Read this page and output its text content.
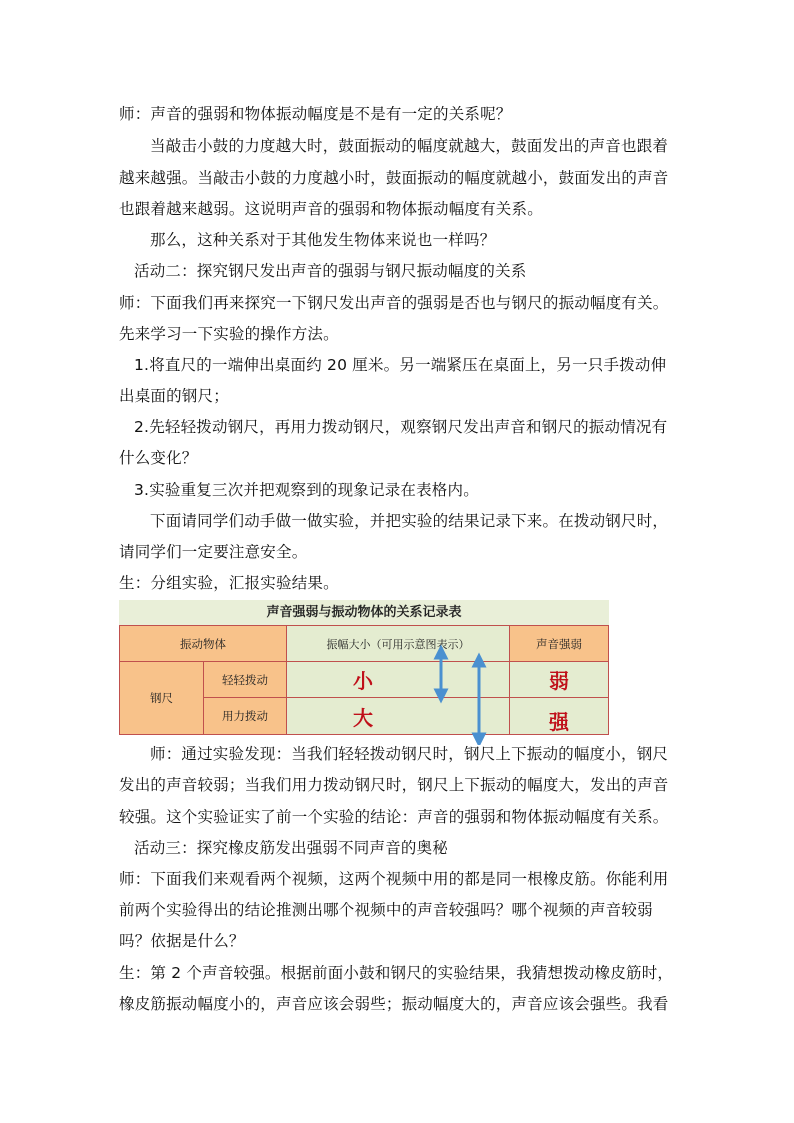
师：声音的强弱和物体振动幅度是不是有一定的关系呢？
当敲击小鼓的力度越大时，鼓面振动的幅度就越大，鼓面发出的声音也跟着
越来越强。当敲击小鼓的力度越小时，鼓面振动的幅度就越小，鼓面发出的声音
也跟着越来越弱。这说明声音的强弱和物体振动幅度有关系。
那么，这种关系对于其他发生物体来说也一样吗？
活动二：探究钢尺发出声音的强弱与钢尺振动幅度的关系
师：下面我们再来探究一下钢尺发出声音的强弱是否也与钢尺的振动幅度有关。
先来学习一下实验的操作方法。
1.将直尺的一端伸出桌面约 20 厘米。另一端紧压在桌面上，另一只手拨动伸
出桌面的钢尺；
2.先轻轻拨动钢尺，再用力拨动钢尺，观察钢尺发出声音和钢尺的振动情况有
什么变化？
3.实验重复三次并把观察到的现象记录在表格内。
下面请同学们动手做一做实验，并把实验的结果记录下来。在拨动钢尺时，
请同学们一定要注意安全。
生：分组实验，汇报实验结果。
声音强弱与振动物体的关系记录表
振动物体	振幅大小（可用示意图表示）	声音强弱
钢尺
轻轻拨动	小	弱
用力拨动	大	强
师：通过实验发现：当我们轻轻拨动钢尺时，钢尺上下振动的幅度小，钢尺
发出的声音较弱；当我们用力拨动钢尺时，钢尺上下振动的幅度大，发出的声音
较强。这个实验证实了前一个实验的结论：声音的强弱和物体振动幅度有关系。
活动三：探究橡皮筋发出强弱不同声音的奥秘
师：下面我们来观看两个视频，这两个视频中用的都是同一根橡皮筋。你能利用
前两个实验得出的结论推测出哪个视频中的声音较强吗？哪个视频的声音较弱
吗？依据是什么？
生：第 2 个声音较强。根据前面小鼓和钢尺的实验结果，我猜想拨动橡皮筋时，
橡皮筋振动幅度小的，声音应该会弱些；振动幅度大的，声音应该会强些。我看
